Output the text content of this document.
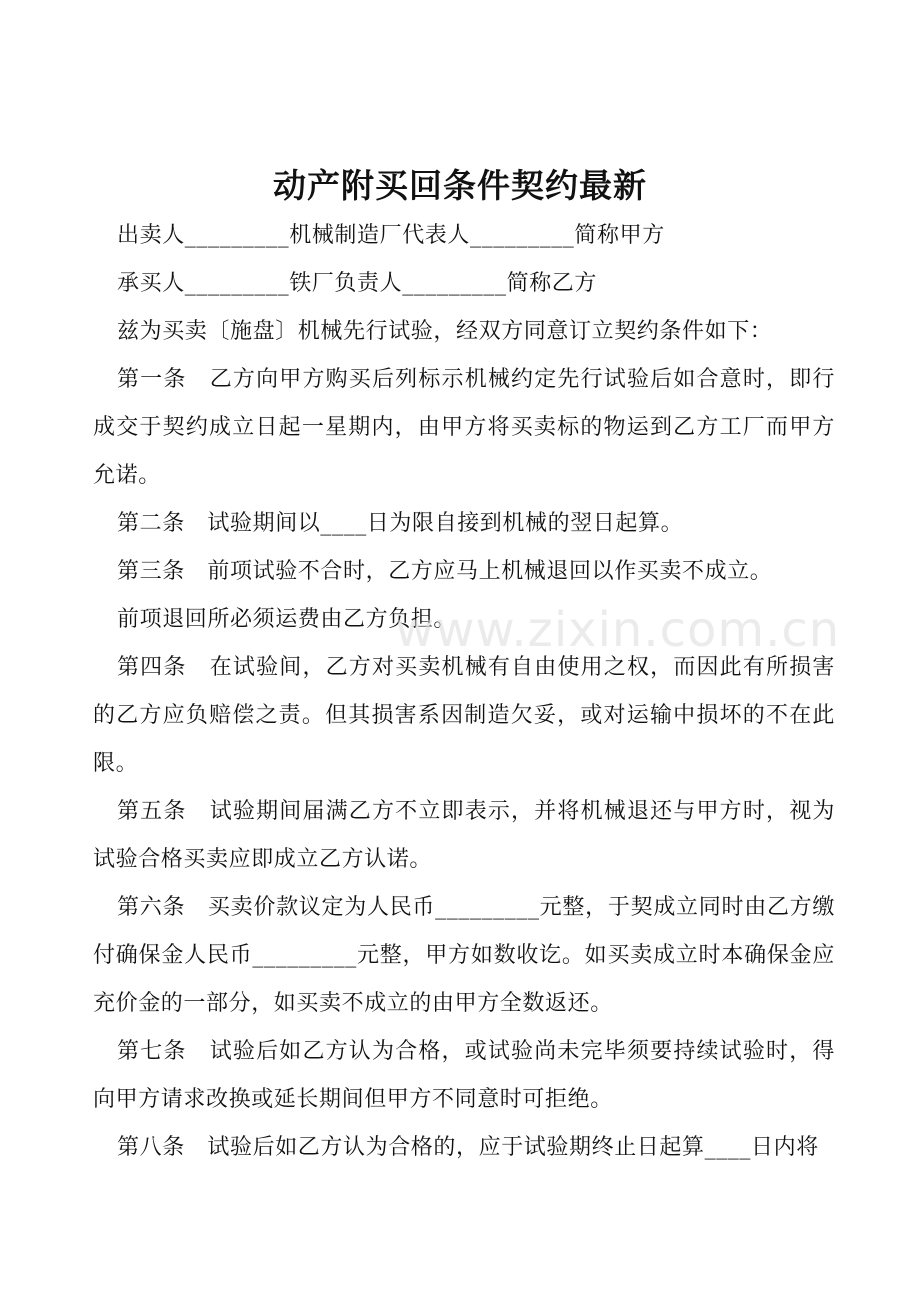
动产附买回条件契约最新

出卖人_________机械制造厂代表人_________简称甲方

承买人_________铁厂负责人_________简称乙方

兹为买卖〔施盘〕机械先行试验，经双方同意订立契约条件如下：

第一条　乙方向甲方购买后列标示机械约定先行试验后如合意时，即行成交于契约成立日起一星期内，由甲方将买卖标的物运到乙方工厂而甲方允诺。

第二条　试验期间以____日为限自接到机械的翌日起算。

第三条　前项试验不合时，乙方应马上机械退回以作买卖不成立。

前项退回所必须运费由乙方负担。

第四条　在试验间，乙方对买卖机械有自由使用之权，而因此有所损害的乙方应负赔偿之责。但其损害系因制造欠妥，或对运输中损坏的不在此限。

第五条　试验期间届满乙方不立即表示，并将机械退还与甲方时，视为试验合格买卖应即成立乙方认诺。

第六条　买卖价款议定为人民币_________元整，于契成立同时由乙方缴付确保金人民币_________元整，甲方如数收讫。如买卖成立时本确保金应充价金的一部分，如买卖不成立的由甲方全数返还。

第七条　试验后如乙方认为合格，或试验尚未完毕须要持续试验时，得向甲方请求改换或延长期间但甲方不同意时可拒绝。

第八条　试验后如乙方认为合格的，应于试验期终止日起算____日内将

www.zixin.com.cn
